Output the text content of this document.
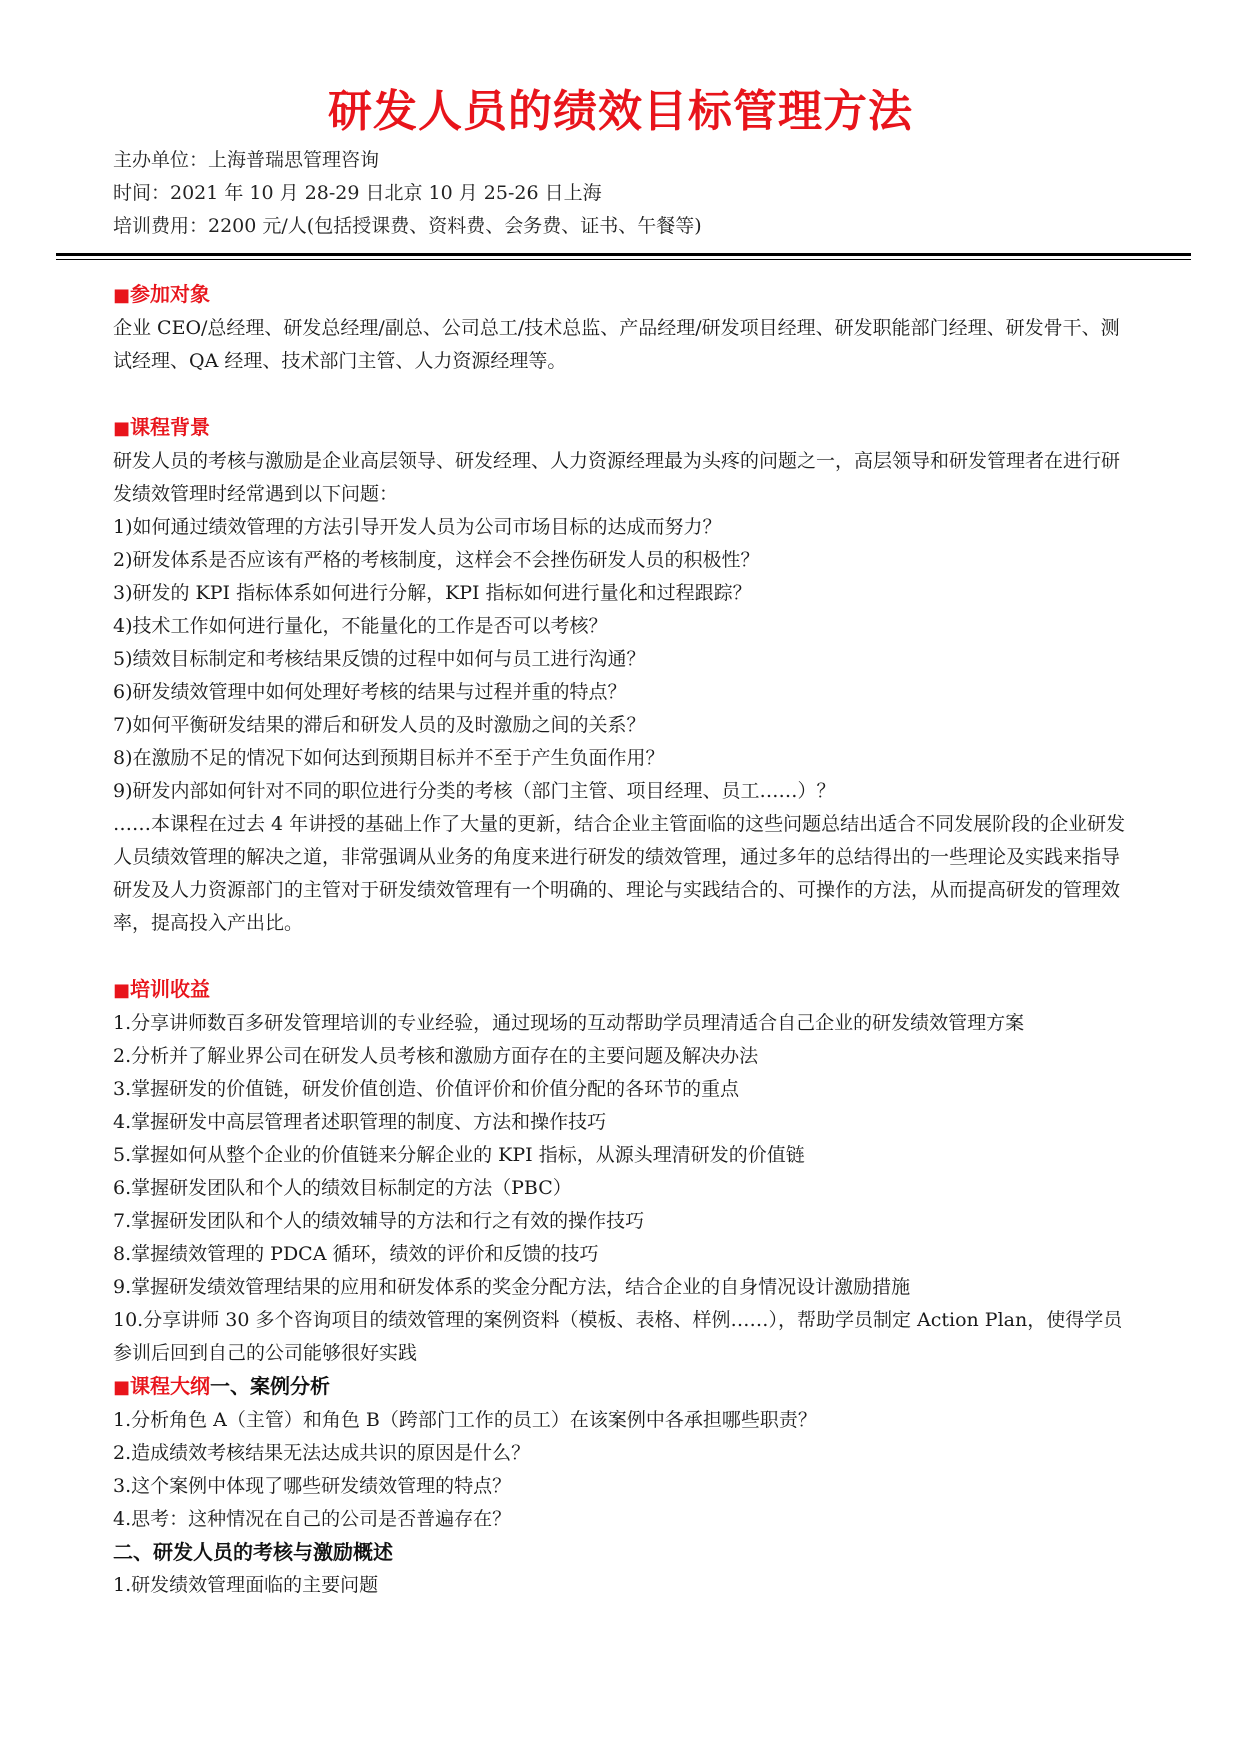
研发人员的绩效目标管理方法

主办单位：上海普瑞思管理咨询

时间：2021 年 10 月 28-29 日北京 10 月 25-26 日上海

培训费用：2200 元/人(包括授课费、资料费、会务费、证书、午餐等)

■参加对象

企业 CEO/总经理、研发总经理/副总、公司总工/技术总监、产品经理/研发项目经理、研发职能部门经理、研发骨干、测试经理、QA 经理、技术部门主管、人力资源经理等。

■课程背景

研发人员的考核与激励是企业高层领导、研发经理、人力资源经理最为头疼的问题之一，高层领导和研发管理者在进行研发绩效管理时经常遇到以下问题：

1)如何通过绩效管理的方法引导开发人员为公司市场目标的达成而努力？

2)研发体系是否应该有严格的考核制度，这样会不会挫伤研发人员的积极性？

3)研发的 KPI 指标体系如何进行分解，KPI 指标如何进行量化和过程跟踪？

4)技术工作如何进行量化，不能量化的工作是否可以考核？

5)绩效目标制定和考核结果反馈的过程中如何与员工进行沟通？

6)研发绩效管理中如何处理好考核的结果与过程并重的特点？

7)如何平衡研发结果的滞后和研发人员的及时激励之间的关系？

8)在激励不足的情况下如何达到预期目标并不至于产生负面作用？

9)研发内部如何针对不同的职位进行分类的考核（部门主管、项目经理、员工……）？

……本课程在过去 4 年讲授的基础上作了大量的更新，结合企业主管面临的这些问题总结出适合不同发展阶段的企业研发人员绩效管理的解决之道，非常强调从业务的角度来进行研发的绩效管理，通过多年的总结得出的一些理论及实践来指导研发及人力资源部门的主管对于研发绩效管理有一个明确的、理论与实践结合的、可操作的方法，从而提高研发的管理效率，提高投入产出比。

■培训收益

1.分享讲师数百多研发管理培训的专业经验，通过现场的互动帮助学员理清适合自己企业的研发绩效管理方案

2.分析并了解业界公司在研发人员考核和激励方面存在的主要问题及解决办法

3.掌握研发的价值链，研发价值创造、价值评价和价值分配的各环节的重点

4.掌握研发中高层管理者述职管理的制度、方法和操作技巧

5.掌握如何从整个企业的价值链来分解企业的 KPI 指标，从源头理清研发的价值链

6.掌握研发团队和个人的绩效目标制定的方法（PBC）

7.掌握研发团队和个人的绩效辅导的方法和行之有效的操作技巧

8.掌握绩效管理的 PDCA 循环，绩效的评价和反馈的技巧

9.掌握研发绩效管理结果的应用和研发体系的奖金分配方法，结合企业的自身情况设计激励措施

10.分享讲师 30 多个咨询项目的绩效管理的案例资料（模板、表格、样例……），帮助学员制定 Action Plan，使得学员参训后回到自己的公司能够很好实践

■课程大纲一、案例分析

1.分析角色 A（主管）和角色 B（跨部门工作的员工）在该案例中各承担哪些职责？

2.造成绩效考核结果无法达成共识的原因是什么？

3.这个案例中体现了哪些研发绩效管理的特点？

4.思考：这种情况在自己的公司是否普遍存在？

二、研发人员的考核与激励概述

1.研发绩效管理面临的主要问题
